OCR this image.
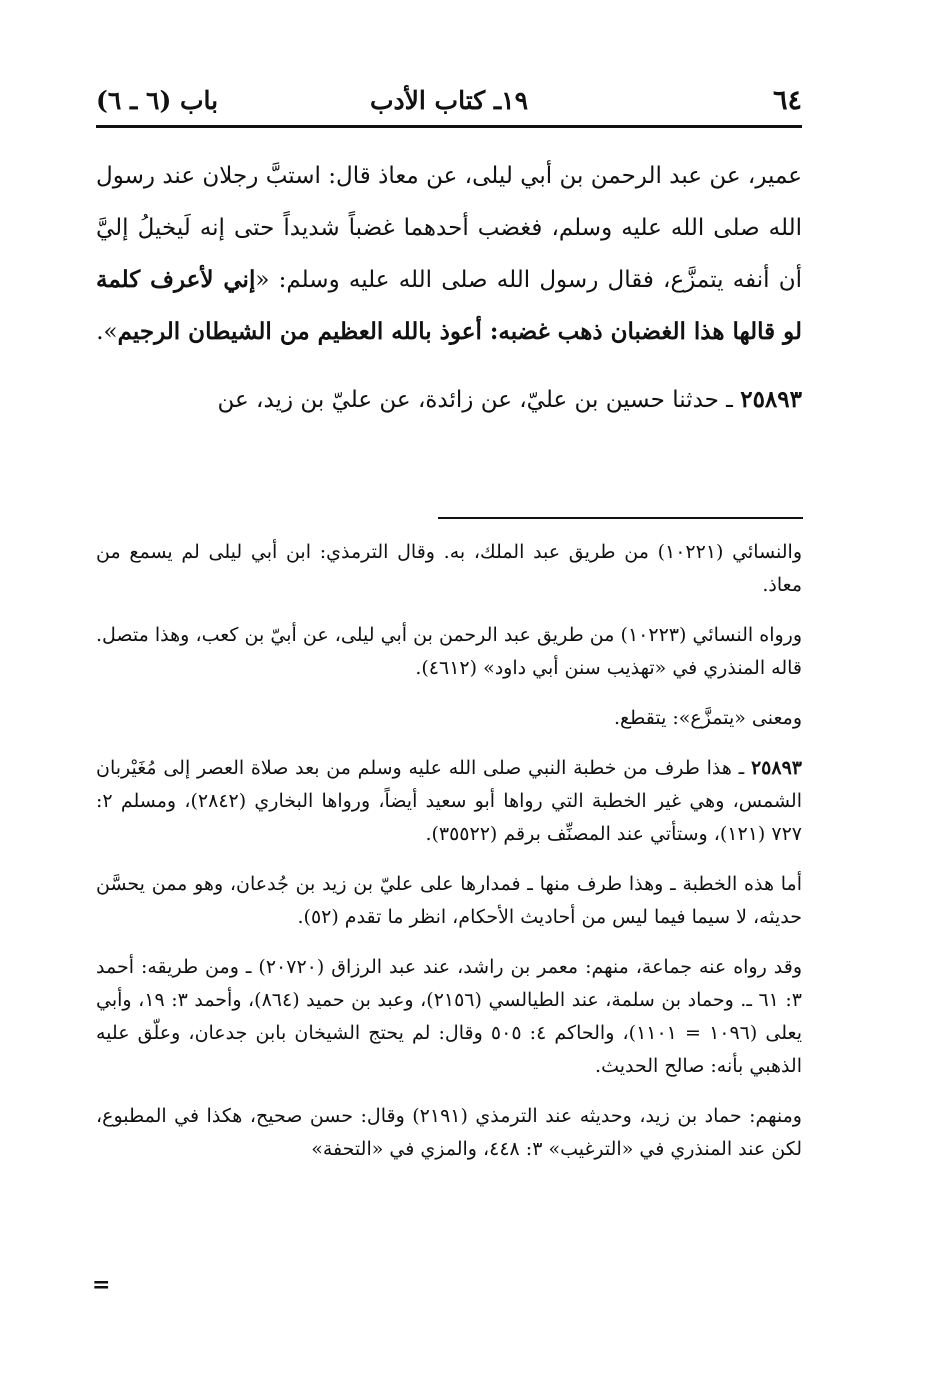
٦٤
١٩ـ كتاب الأدب
باب (٦ ـ ٦)

عمير، عن عبد الرحمن بن أبي ليلى، عن معاذ قال: استبَّ رجلان عند رسول الله صلى الله عليه وسلم، فغضب أحدهما غضباً شديداً حتى إنه لَيخيلُ إليَّ أن أنفه يتمزَّع، فقال رسول الله صلى الله عليه وسلم: «إني لأعرف كلمة لو قالها هذا الغضبان ذهب غضبه: أعوذ بالله العظيم من الشيطان الرجيم».

٢٥٨٩٣ ـ حدثنا حسين بن عليّ، عن زائدة، عن عليّ بن زيد، عن

والنسائي (١٠٢٢١) من طريق عبد الملك، به. وقال الترمذي: ابن أبي ليلى لم يسمع من معاذ.

ورواه النسائي (١٠٢٢٣) من طريق عبد الرحمن بن أبي ليلى، عن أبيّ بن كعب، وهذا متصل. قاله المنذري في «تهذيب سنن أبي داود» (٤٦١٢).

ومعنى «يتمزَّع»: يتقطع.

٢٥٨٩٣ ـ هذا طرف من خطبة النبي صلى الله عليه وسلم من بعد صلاة العصر إلى مُغَيْربان الشمس، وهي غير الخطبة التي رواها أبو سعيد أيضاً، ورواها البخاري (٢٨٤٢)، ومسلم ٢: ٧٢٧ (١٢١)، وستأتي عند المصنِّف برقم (٣٥٥٢٢).

أما هذه الخطبة ـ وهذا طرف منها ـ فمدارها على عليّ بن زيد بن جُدعان، وهو ممن يحسَّن حديثه، لا سيما فيما ليس من أحاديث الأحكام، انظر ما تقدم (٥٢).

وقد رواه عنه جماعة، منهم: معمر بن راشد، عند عبد الرزاق (٢٠٧٢٠) ـ ومن طريقه: أحمد ٣: ٦١ ـ. وحماد بن سلمة، عند الطيالسي (٢١٥٦)، وعبد بن حميد (٨٦٤)، وأحمد ٣: ١٩، وأبي يعلى (١٠٩٦ = ١١٠١)، والحاكم ٤: ٥٠٥ وقال: لم يحتج الشيخان بابن جدعان، وعلّق عليه الذهبي بأنه: صالح الحديث.

ومنهم: حماد بن زيد، وحديثه عند الترمذي (٢١٩١) وقال: حسن صحيح، هكذا في المطبوع، لكن عند المنذري في «الترغيب» ٣: ٤٤٨، والمزي في «التحفة»

=
